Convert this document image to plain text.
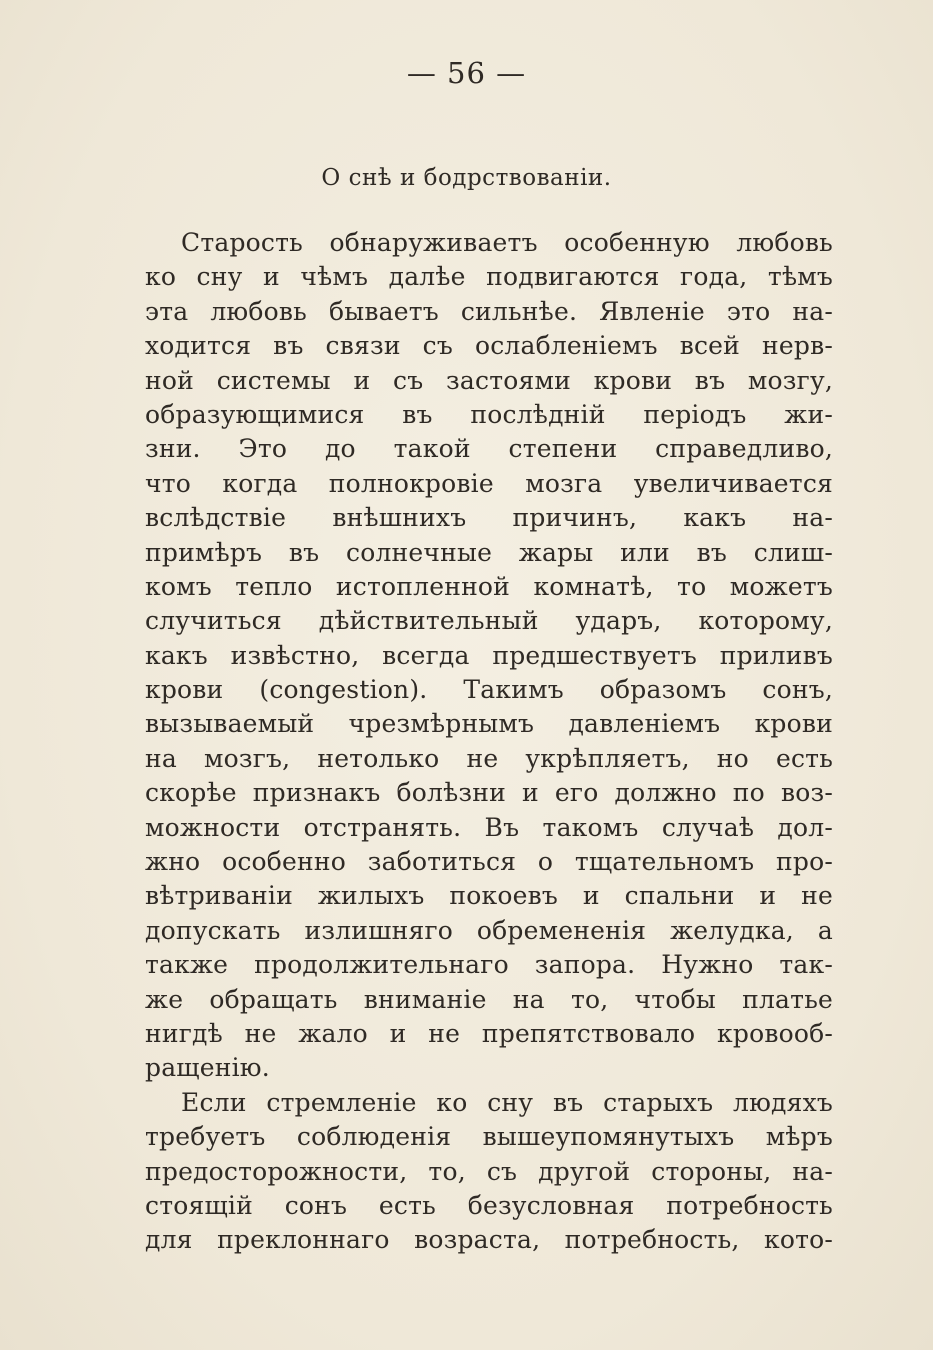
— 56 —
О снѣ и бодрствованіи.
Старость обнаруживаетъ особенную любовь
ко сну и чѣмъ далѣе подвигаются года, тѣмъ
эта любовь бываетъ сильнѣе. Явленіе это на-
ходится въ связи съ ослабленіемъ всей нерв-
ной системы и съ застоями крови въ мозгу,
образующимися въ послѣдній періодъ жи-
зни. Это до такой степени справедливо,
что когда полнокровіе мозга увеличивается
вслѣдствіе внѣшнихъ причинъ, какъ на-
примѣръ въ солнечные жары или въ слиш-
комъ тепло истопленной комнатѣ, то можетъ
случиться дѣйствительный ударъ, которому,
какъ извѣстно, всегда предшествуетъ приливъ
крови (congestion). Такимъ образомъ сонъ,
вызываемый чрезмѣрнымъ давленіемъ крови
на мозгъ, нетолько не укрѣпляетъ, но есть
скорѣе признакъ болѣзни и его должно по воз-
можности отстранять. Въ такомъ случаѣ дол-
жно особенно заботиться о тщательномъ про-
вѣтриваніи жилыхъ покоевъ и спальни и не
допускать излишняго обремененія желудка, а
также продолжительнаго запора. Нужно так-
же обращать вниманіе на то, чтобы платье
нигдѣ не жало и не препятствовало кровооб-
ращенію.
Если стремленіе ко сну въ старыхъ людяхъ
требуетъ соблюденія вышеупомянутыхъ мѣръ
предосторожности, то, съ другой стороны, на-
стоящій сонъ есть безусловная потребность
для преклоннаго возраста, потребность, кото-
